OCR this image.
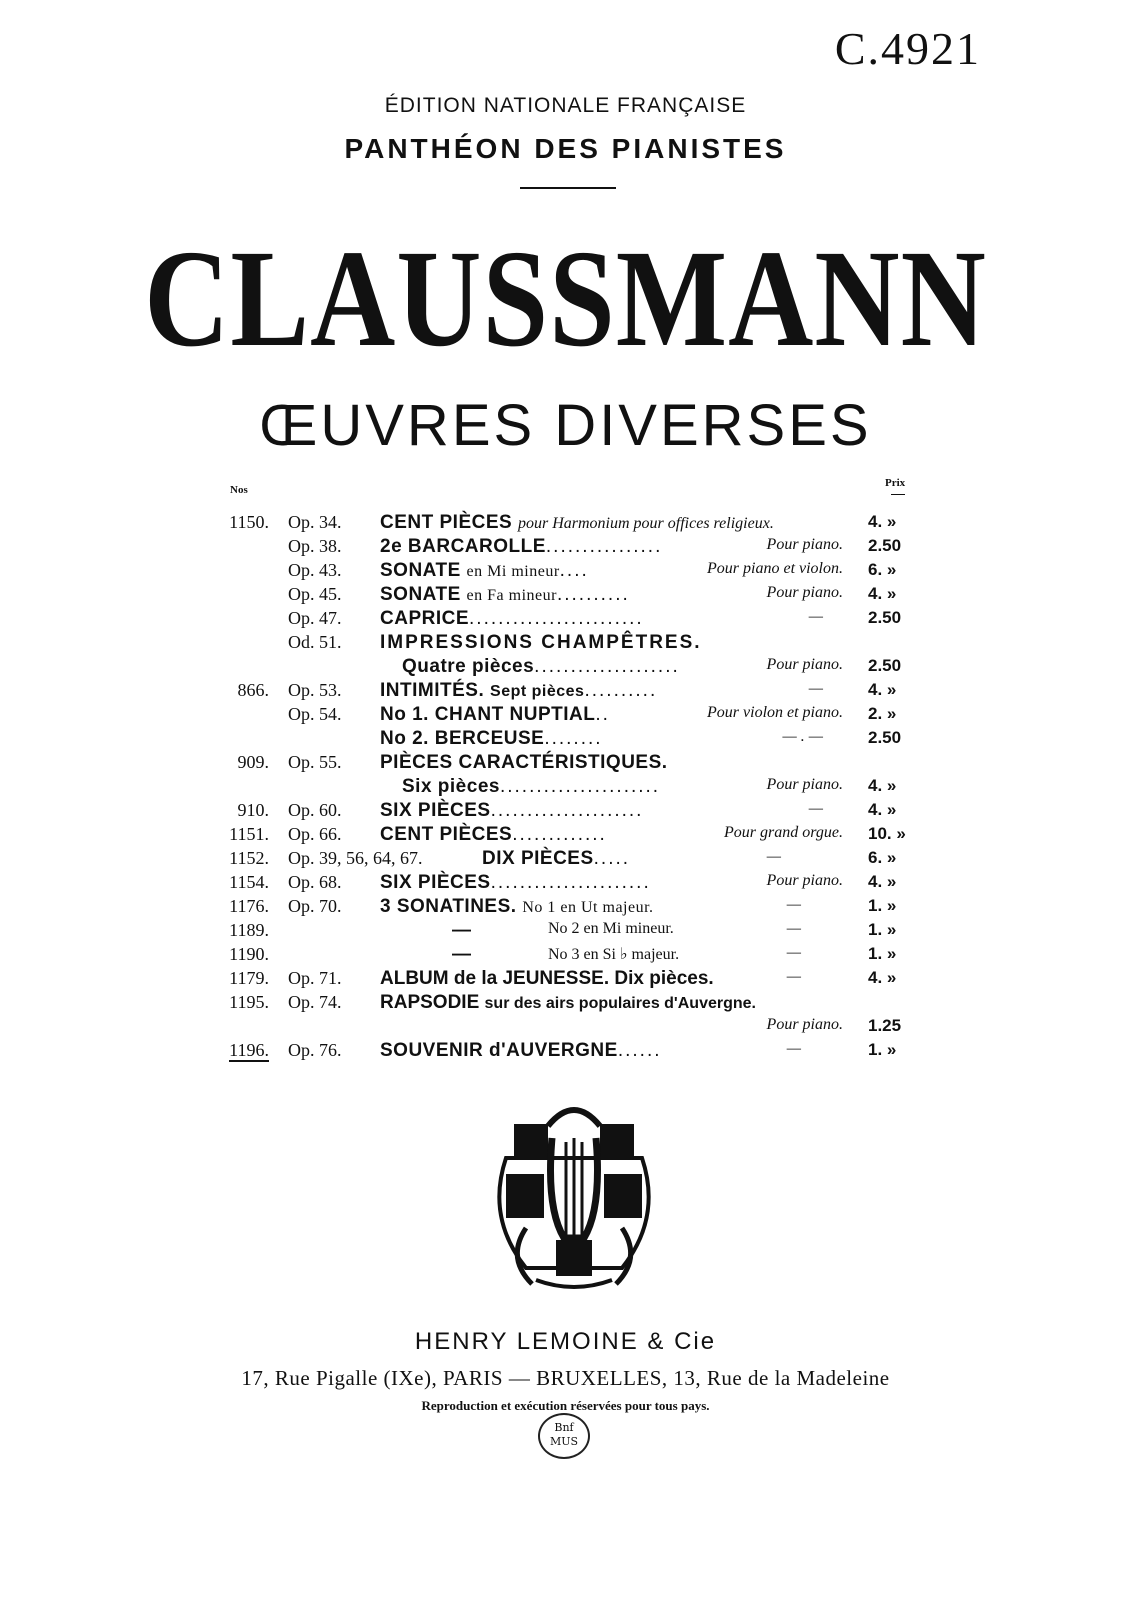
C.4921
ÉDITION NATIONALE FRANÇAISE
PANTHÉON DES PIANISTES
CLAUSSMANN
ŒUVRES DIVERSES
Nos
Prix
1150. Op. 34. CENT PIÈCES pour Harmonium pour offices religieux.	4. »
Op. 38. 2e BARCAROLLE................	Pour piano. 2.50
Op. 43. SONATE en Mi mineur....	Pour piano et violon. 6. »
Op. 45. SONATE en Fa mineur..........	Pour piano. 4. »
Op. 47. CAPRICE........................	—	2.50
Od. 51. IMPRESSIONS CHAMPÊTRES.
Quatre pièces....................	Pour piano. 2.50
866. Op. 53. INTIMITÉS. Sept pièces..........	—	4. »
Op. 54. No 1. CHANT NUPTIAL..	Pour violon et piano. 2. »
No 2. BERCEUSE........	— . —	2.50
909. Op. 55. PIÈCES CARACTÉRISTIQUES.
Six pièces......................	Pour piano. 4. »
910. Op. 60. SIX PIÈCES.....................	—	4. »
1151. Op. 66. CENT PIÈCES.............	Pour grand orgue. 10. »
1152. Op. 39, 56, 64, 67.	DIX PIÈCES.....	—	6. »
1154. Op. 68. SIX PIÈCES......................	Pour piano. 4. »
1176. Op. 70. 3 SONATINES. No 1 en Ut majeur.	—	1. »
1189.	—	No 2 en Mi mineur.	—	1. »
1190.	—	No 3 en Si ♭ majeur.	—	1. »
1179. Op. 71. ALBUM de la JEUNESSE. Dix pièces.	—	4. »
1195. Op. 74. RAPSODIE sur des airs populaires d'Auvergne.
Pour piano. 1.25
1196. Op. 76. SOUVENIR d'AUVERGNE......	—	1. »
HENRY LEMOINE & Cie
17, Rue Pigalle (IXe), PARIS — BRUXELLES, 13, Rue de la Madeleine
Reproduction et exécution réservées pour tous pays.
Bnf MUS
